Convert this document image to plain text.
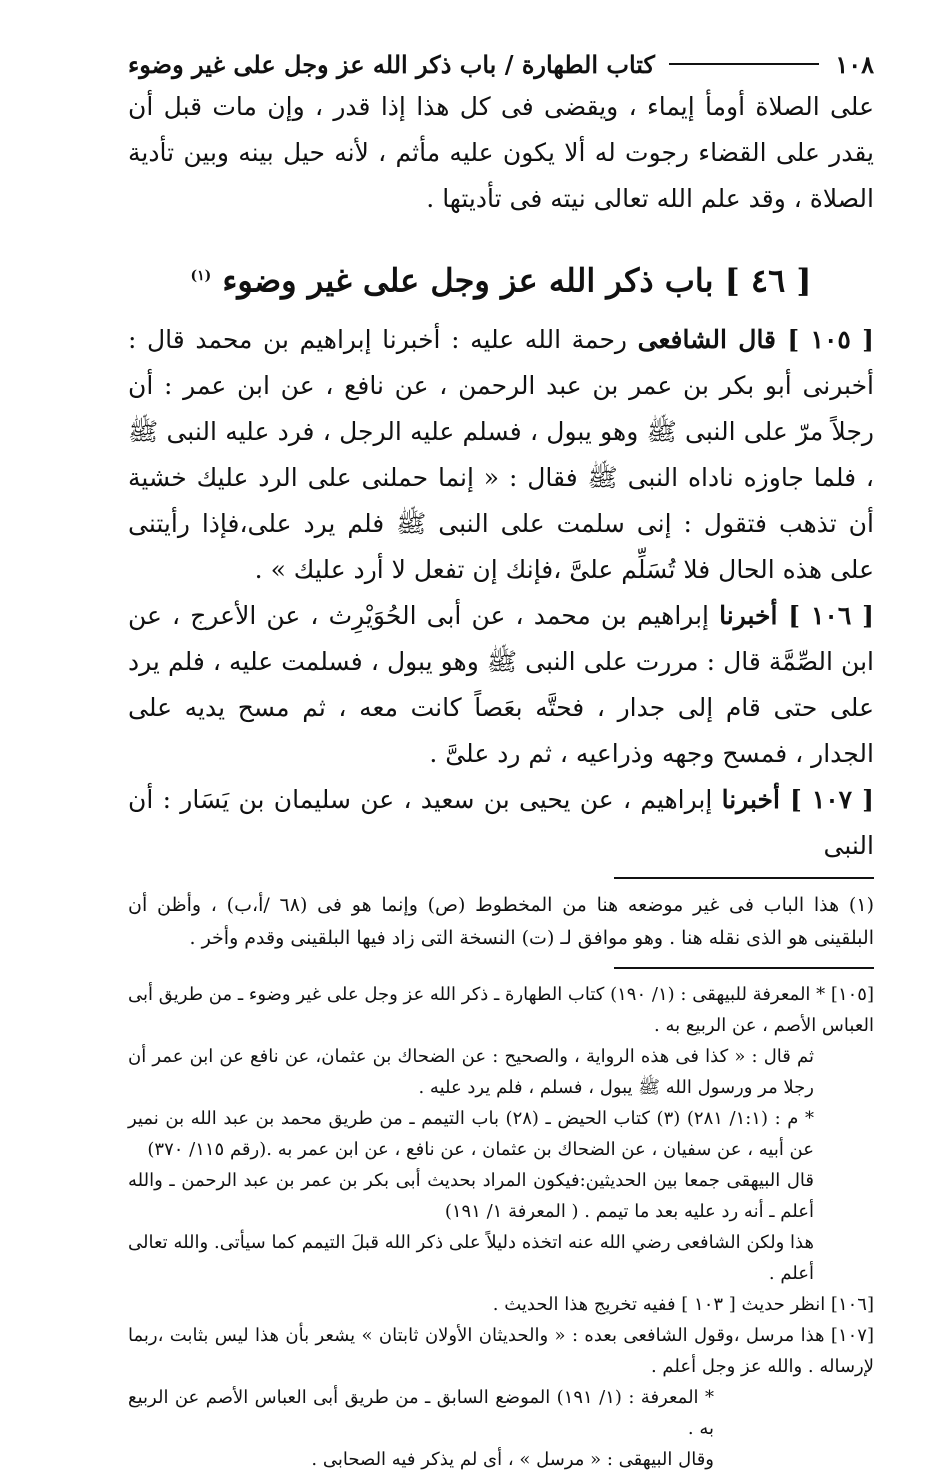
١٠٨
كتاب الطهارة / باب ذكر الله عز وجل على غير وضوء

على الصلاة أومأ إيماء ، ويقضى فى كل هذا إذا قدر ، وإن مات قبل أن يقدر على القضاء رجوت له ألا يكون عليه مأثم ، لأنه حيل بينه وبين تأدية الصلاة ، وقد علم الله تعالى نيته فى تأديتها .

[ ٤٦ ] باب ذكر الله عز وجل على غير وضوء $^{(١)}$

[ ١٠٥ ] قال الشافعى رحمة الله عليه : أخبرنا إبراهيم بن محمد قال : أخبرنى أبو بكر بن عمر بن عبد الرحمن ، عن نافع ، عن ابن عمر : أن رجلاً مرّ على النبى ﷺ وهو يبول ، فسلم عليه الرجل ، فرد عليه النبى ﷺ ، فلما جاوزه ناداه النبى ﷺ فقال : « إنما حملنى على الرد عليك خشية أن تذهب فتقول : إنى سلمت على النبى ﷺ فلم يرد على،فإذا رأيتنى على هذه الحال فلا تُسَلِّم علىَّ ،فإنك إن تفعل لا أرد عليك » .

[ ١٠٦ ] أخبرنا إبراهيم بن محمد ، عن أبى الحُوَيْرِث ، عن الأعرج ، عن ابن الصِّمَّة قال : مررت على النبى ﷺ وهو يبول ، فسلمت عليه ، فلم يرد على حتى قام إلى جدار ، فحتَّه بعَصاً كانت معه ، ثم مسح يديه على الجدار ، فمسح وجهه وذراعيه ، ثم رد علىَّ .

[ ١٠٧ ] أخبرنا إبراهيم ، عن يحيى بن سعيد ، عن سليمان بن يَسَار : أن النبى

(١) هذا الباب فى غير موضعه هنا من المخطوط (ص) وإنما هو فى (٦٨ /أ،ب) ، وأظن أن البلقينى هو الذى نقله هنا . وهو موافق لـ (ت) النسخة التى زاد فيها البلقينى وقدم وأخر .

[١٠٥] * المعرفة للبيهقى : (١/ ١٩٠) كتاب الطهارة ـ ذكر الله عز وجل على غير وضوء ـ من طريق أبى العباس الأصم ، عن الربيع به .

ثم قال : « كذا فى هذه الرواية ، والصحيح : عن الضحاك بن عثمان، عن نافع عن ابن عمر أن رجلا مر ورسول الله ﷺ يبول ، فسلم ، فلم يرد عليه .

* م : (١:١/ ٢٨١) (٣) كتاب الحيض ـ (٢٨) باب التيمم ـ من طريق محمد بن عبد الله بن نمير عن أبيه ، عن سفيان ، عن الضحاك بن عثمان ، عن نافع ، عن ابن عمر به .(رقم ١١٥/ ٣٧٠)

قال البيهقى جمعا بين الحديثين:فيكون المراد بحديث أبى بكر بن عمر بن عبد الرحمن ـ والله أعلم ـ أنه رد عليه بعد ما تيمم . ( المعرفة ١/ ١٩١)

هذا ولكن الشافعى رضي الله عنه اتخذه دليلاً على ذكر الله قبلَ التيمم كما سيأتى. والله تعالى أعلم .

[١٠٦] انظر حديث [ ١٠٣ ] ففيه تخريج هذا الحديث .

[١٠٧] هذا مرسل ،وقول الشافعى بعده : « والحديثان الأولان ثابتان » يشعر بأن هذا ليس بثابت ،ربما لإرساله . والله عز وجل أعلم .

* المعرفة : (١/ ١٩١) الموضع السابق ـ من طريق أبى العباس الأصم عن الربيع به .

وقال البيهقى : « مرسل » ، أى لم يذكر فيه الصحابى .
